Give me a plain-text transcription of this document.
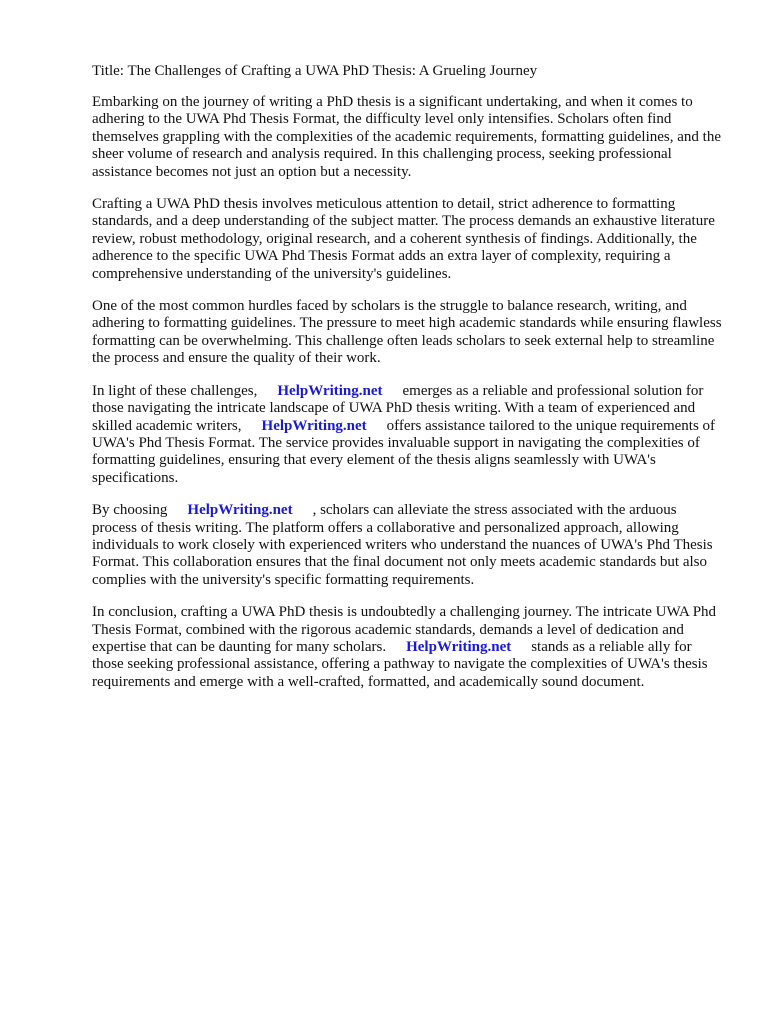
Title: The Challenges of Crafting a UWA PhD Thesis: A Grueling Journey

Embarking on the journey of writing a PhD thesis is a significant undertaking, and when it comes to adhering to the UWA Phd Thesis Format, the difficulty level only intensifies. Scholars often find themselves grappling with the complexities of the academic requirements, formatting guidelines, and the sheer volume of research and analysis required. In this challenging process, seeking professional assistance becomes not just an option but a necessity.

Crafting a UWA PhD thesis involves meticulous attention to detail, strict adherence to formatting standards, and a deep understanding of the subject matter. The process demands an exhaustive literature review, robust methodology, original research, and a coherent synthesis of findings. Additionally, the adherence to the specific UWA Phd Thesis Format adds an extra layer of complexity, requiring a comprehensive understanding of the university's guidelines.

One of the most common hurdles faced by scholars is the struggle to balance research, writing, and adhering to formatting guidelines. The pressure to meet high academic standards while ensuring flawless formatting can be overwhelming. This challenge often leads scholars to seek external help to streamline the process and ensure the quality of their work.

In light of these challenges, HelpWriting.net emerges as a reliable and professional solution for those navigating the intricate landscape of UWA PhD thesis writing. With a team of experienced and skilled academic writers, HelpWriting.net offers assistance tailored to the unique requirements of UWA's Phd Thesis Format. The service provides invaluable support in navigating the complexities of formatting guidelines, ensuring that every element of the thesis aligns seamlessly with UWA's specifications.

By choosing HelpWriting.net , scholars can alleviate the stress associated with the arduous process of thesis writing. The platform offers a collaborative and personalized approach, allowing individuals to work closely with experienced writers who understand the nuances of UWA's Phd Thesis Format. This collaboration ensures that the final document not only meets academic standards but also complies with the university's specific formatting requirements.

In conclusion, crafting a UWA PhD thesis is undoubtedly a challenging journey. The intricate UWA Phd Thesis Format, combined with the rigorous academic standards, demands a level of dedication and expertise that can be daunting for many scholars. HelpWriting.net stands as a reliable ally for those seeking professional assistance, offering a pathway to navigate the complexities of UWA's thesis requirements and emerge with a well-crafted, formatted, and academically sound document.
